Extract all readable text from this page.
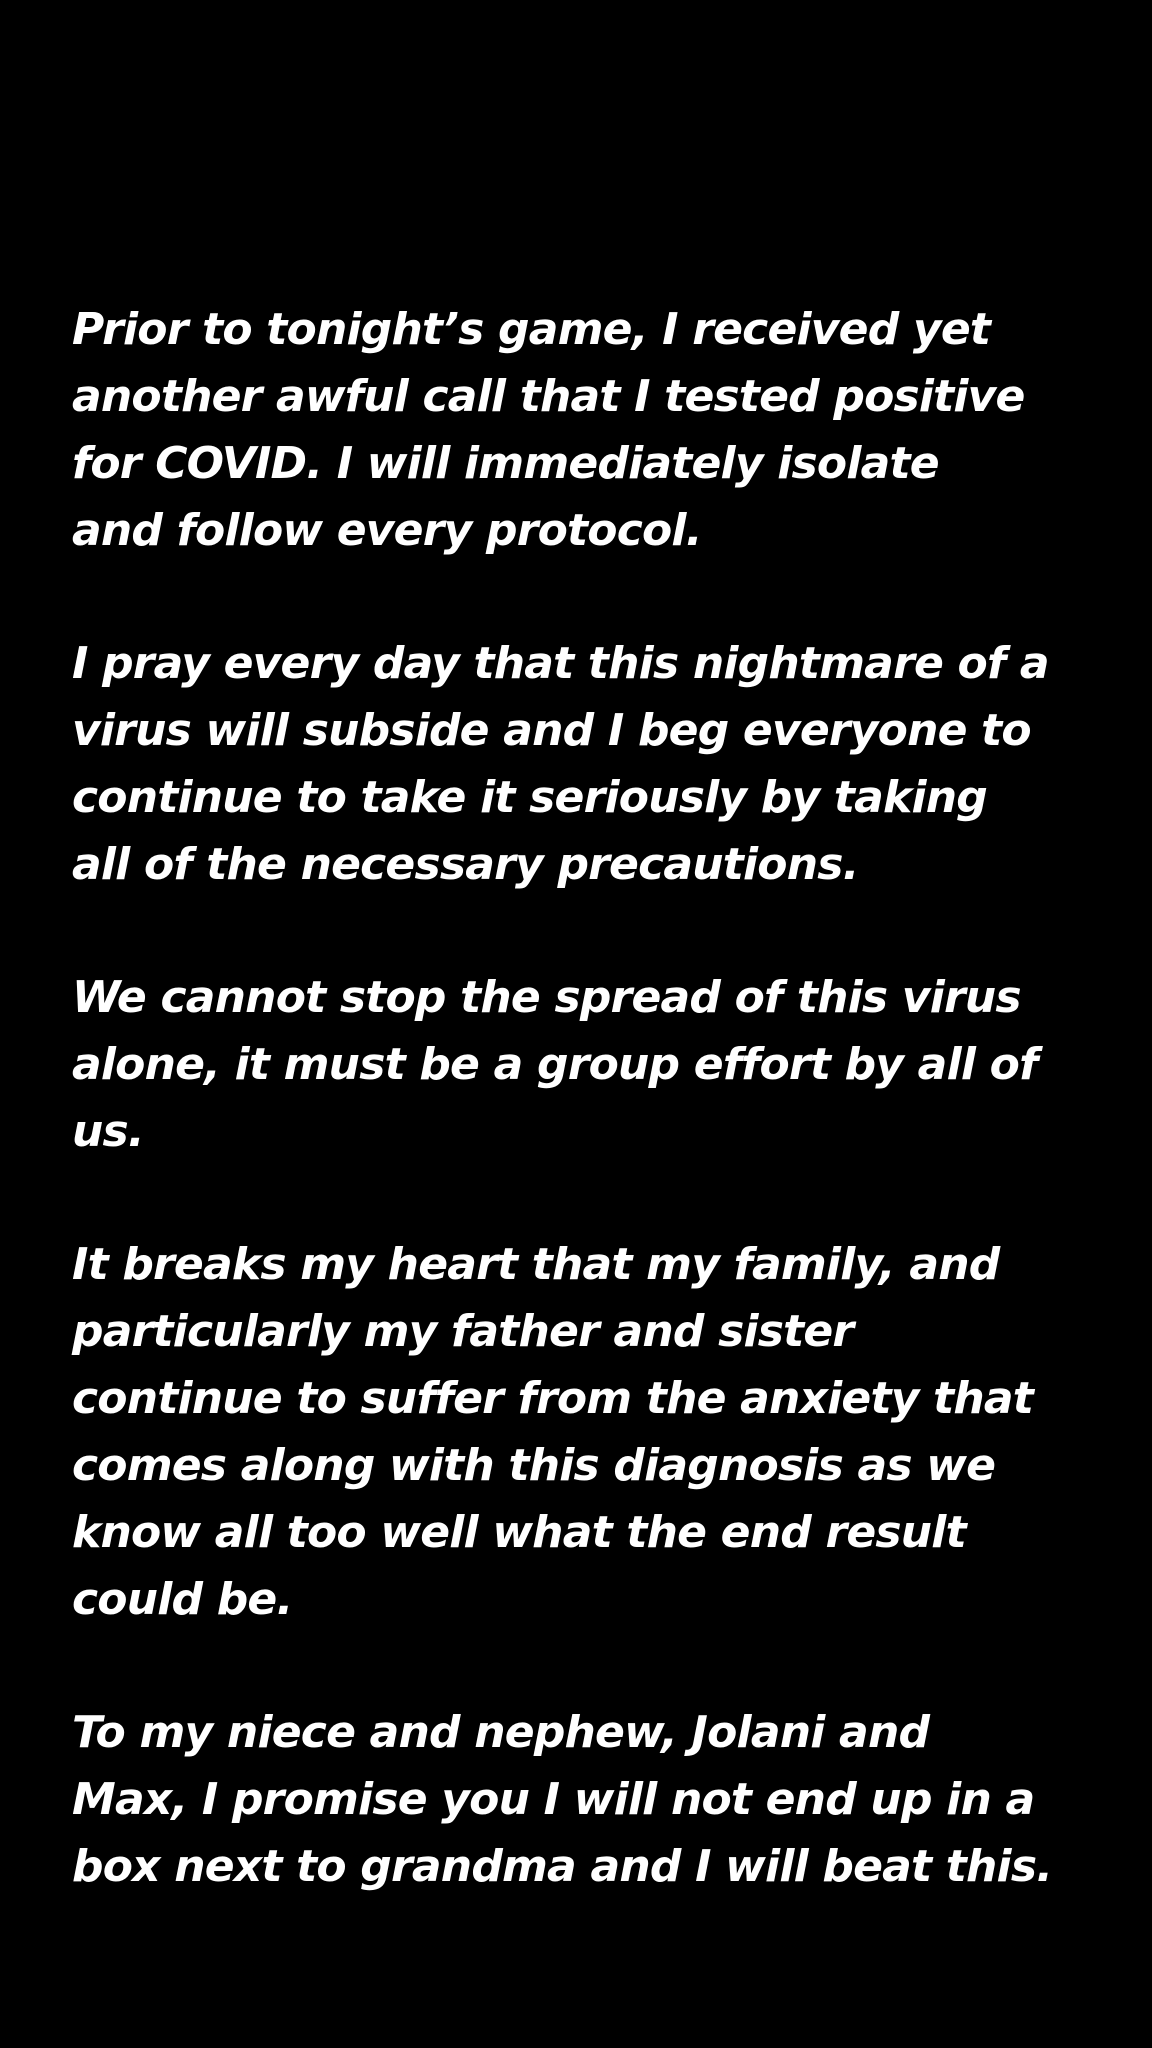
Prior to tonight’s game, I received yet
another awful call that I tested positive
for COVID. I will immediately isolate
and follow every protocol.

I pray every day that this nightmare of a
virus will subside and I beg everyone to
continue to take it seriously by taking
all of the necessary precautions.

We cannot stop the spread of this virus
alone, it must be a group effort by all of
us.

It breaks my heart that my family, and
particularly my father and sister
continue to suffer from the anxiety that
comes along with this diagnosis as we
know all too well what the end result
could be.

To my niece and nephew, Jolani and
Max, I promise you I will not end up in a
box next to grandma and I will beat this.
